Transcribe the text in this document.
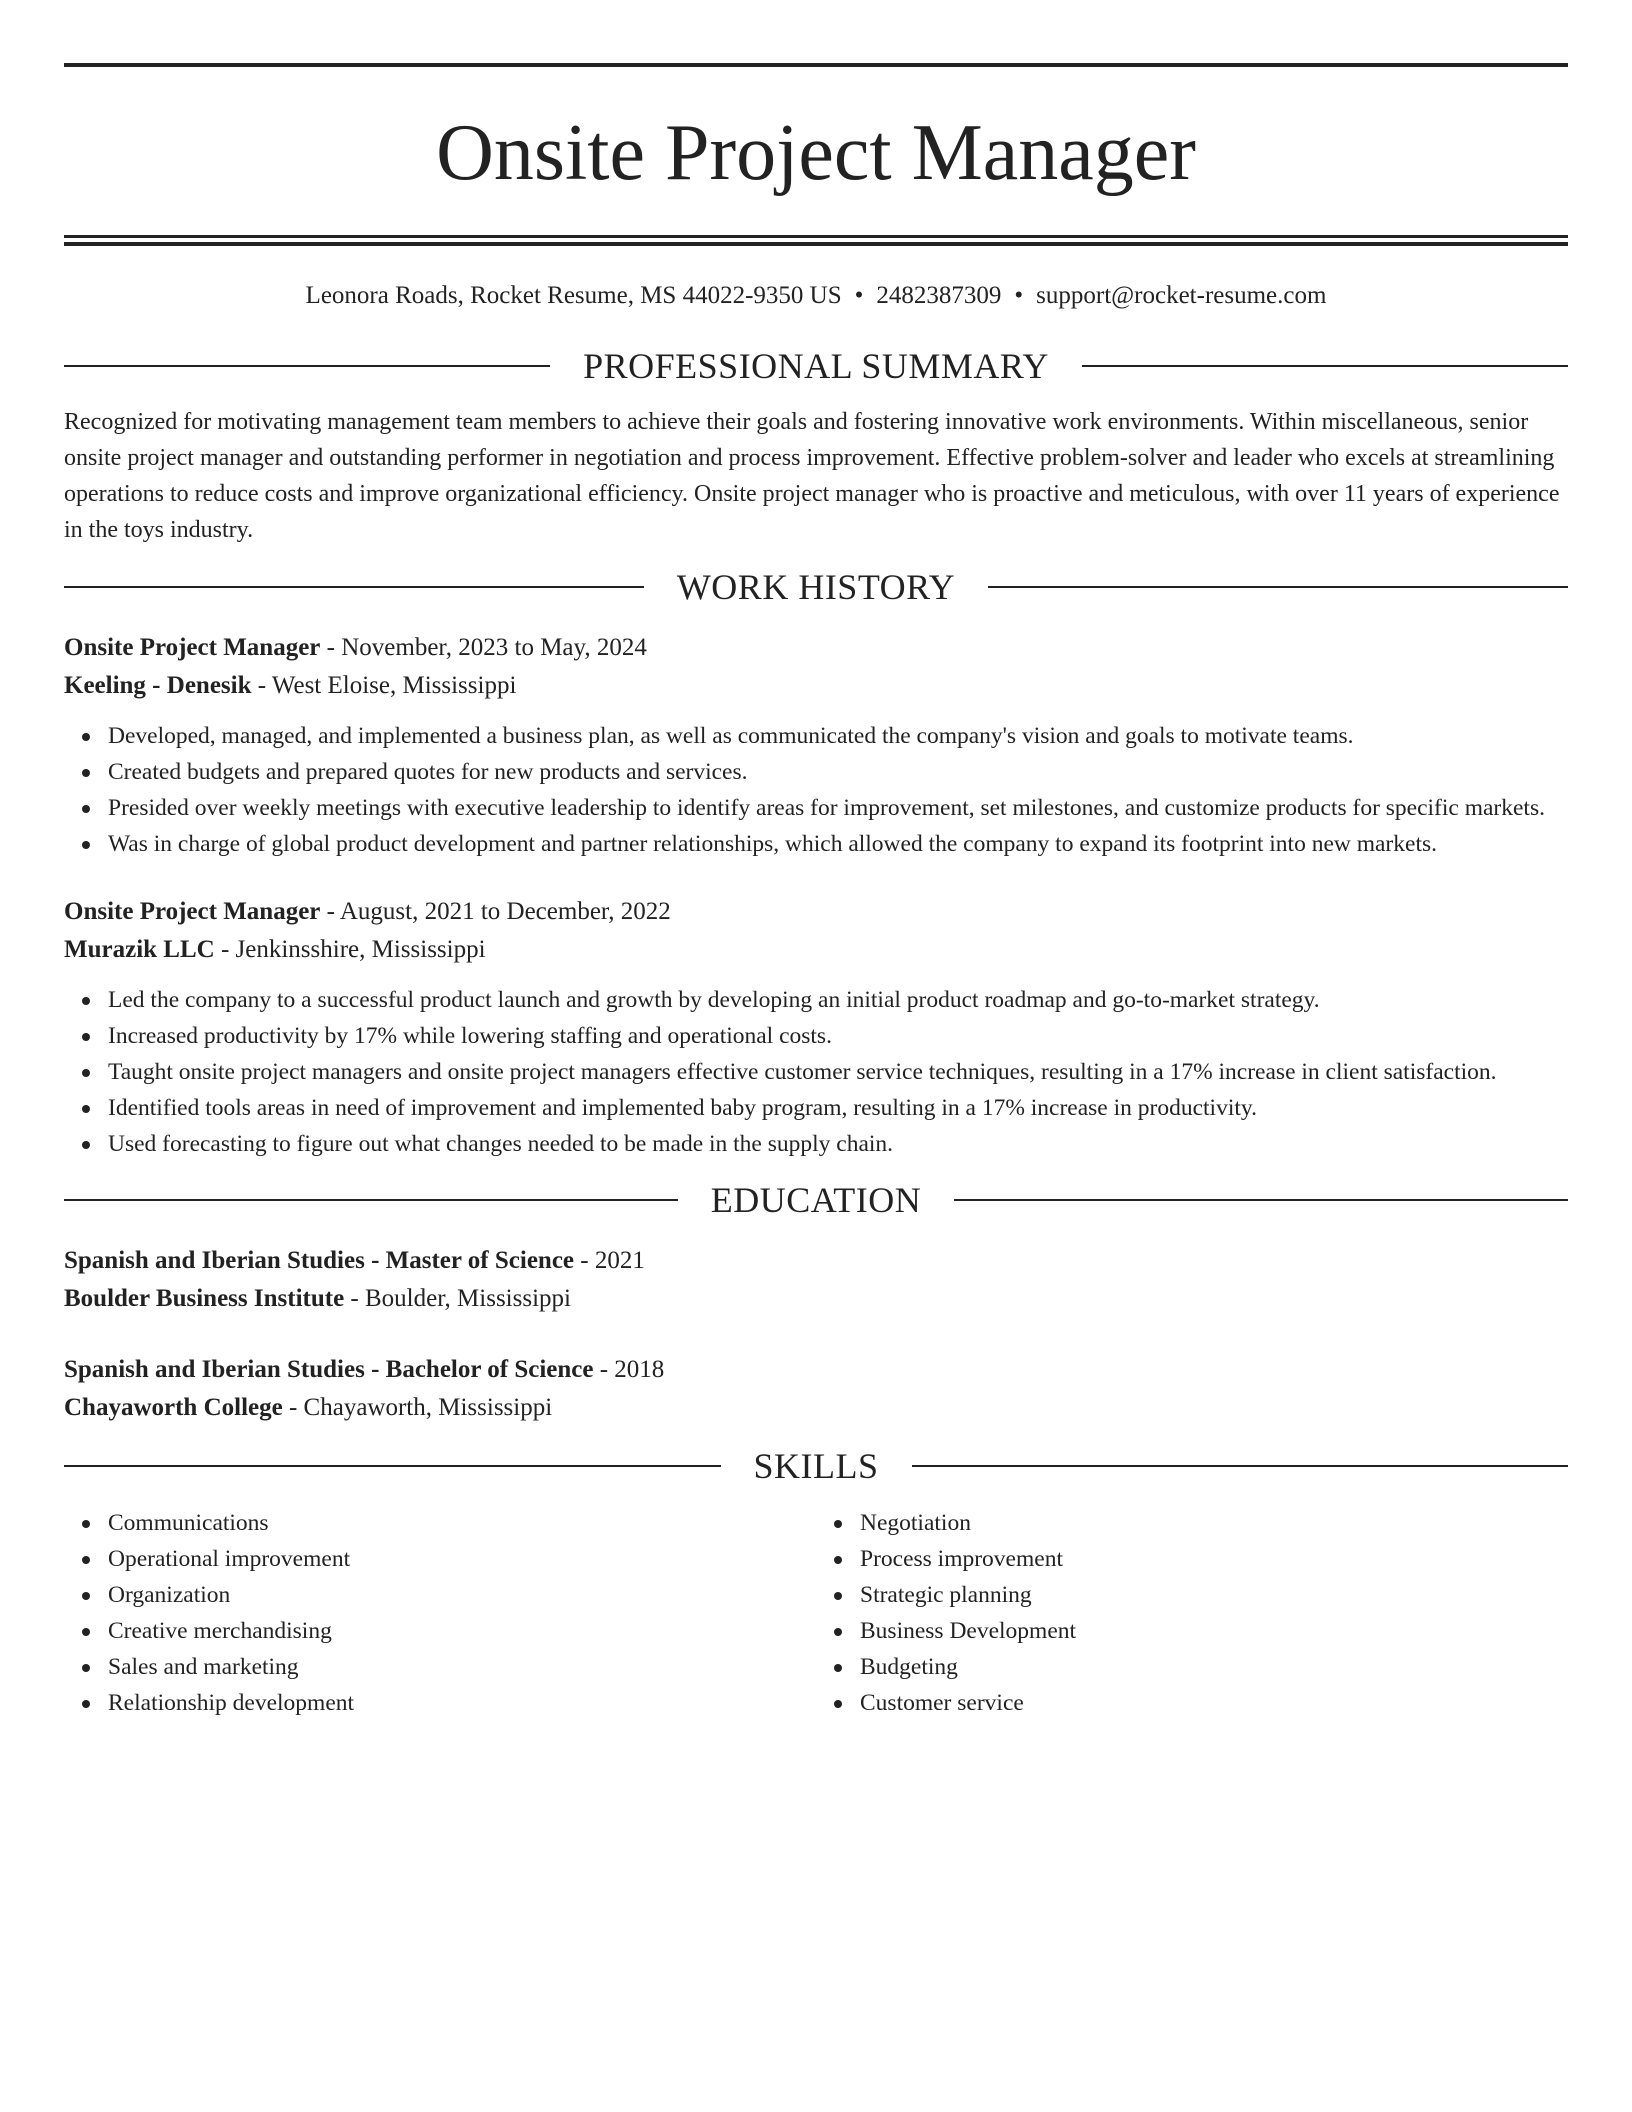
Onsite Project Manager
Leonora Roads, Rocket Resume, MS 44022-9350 US • 2482387309 • support@rocket-resume.com
PROFESSIONAL SUMMARY

Recognized for motivating management team members to achieve their goals and fostering innovative work environments. Within miscellaneous, senior onsite project manager and outstanding performer in negotiation and process improvement. Effective problem-solver and leader who excels at streamlining operations to reduce costs and improve organizational efficiency. Onsite project manager who is proactive and meticulous, with over 11 years of experience in the toys industry.

WORK HISTORY
Onsite Project Manager - November, 2023 to May, 2024
Keeling - Denesik - West Eloise, Mississippi
Developed, managed, and implemented a business plan, as well as communicated the company's vision and goals to motivate teams.
Created budgets and prepared quotes for new products and services.
Presided over weekly meetings with executive leadership to identify areas for improvement, set milestones, and customize products for specific markets.
Was in charge of global product development and partner relationships, which allowed the company to expand its footprint into new markets.
Onsite Project Manager - August, 2021 to December, 2022
Murazik LLC - Jenkinsshire, Mississippi
Led the company to a successful product launch and growth by developing an initial product roadmap and go-to-market strategy.
Increased productivity by 17% while lowering staffing and operational costs.
Taught onsite project managers and onsite project managers effective customer service techniques, resulting in a 17% increase in client satisfaction.
Identified tools areas in need of improvement and implemented baby program, resulting in a 17% increase in productivity.
Used forecasting to figure out what changes needed to be made in the supply chain.
EDUCATION
Spanish and Iberian Studies - Master of Science - 2021
Boulder Business Institute - Boulder, Mississippi
Spanish and Iberian Studies - Bachelor of Science - 2018
Chayaworth College - Chayaworth, Mississippi
SKILLS
Communications
Operational improvement
Organization
Creative merchandising
Sales and marketing
Relationship development
Negotiation
Process improvement
Strategic planning
Business Development
Budgeting
Customer service
